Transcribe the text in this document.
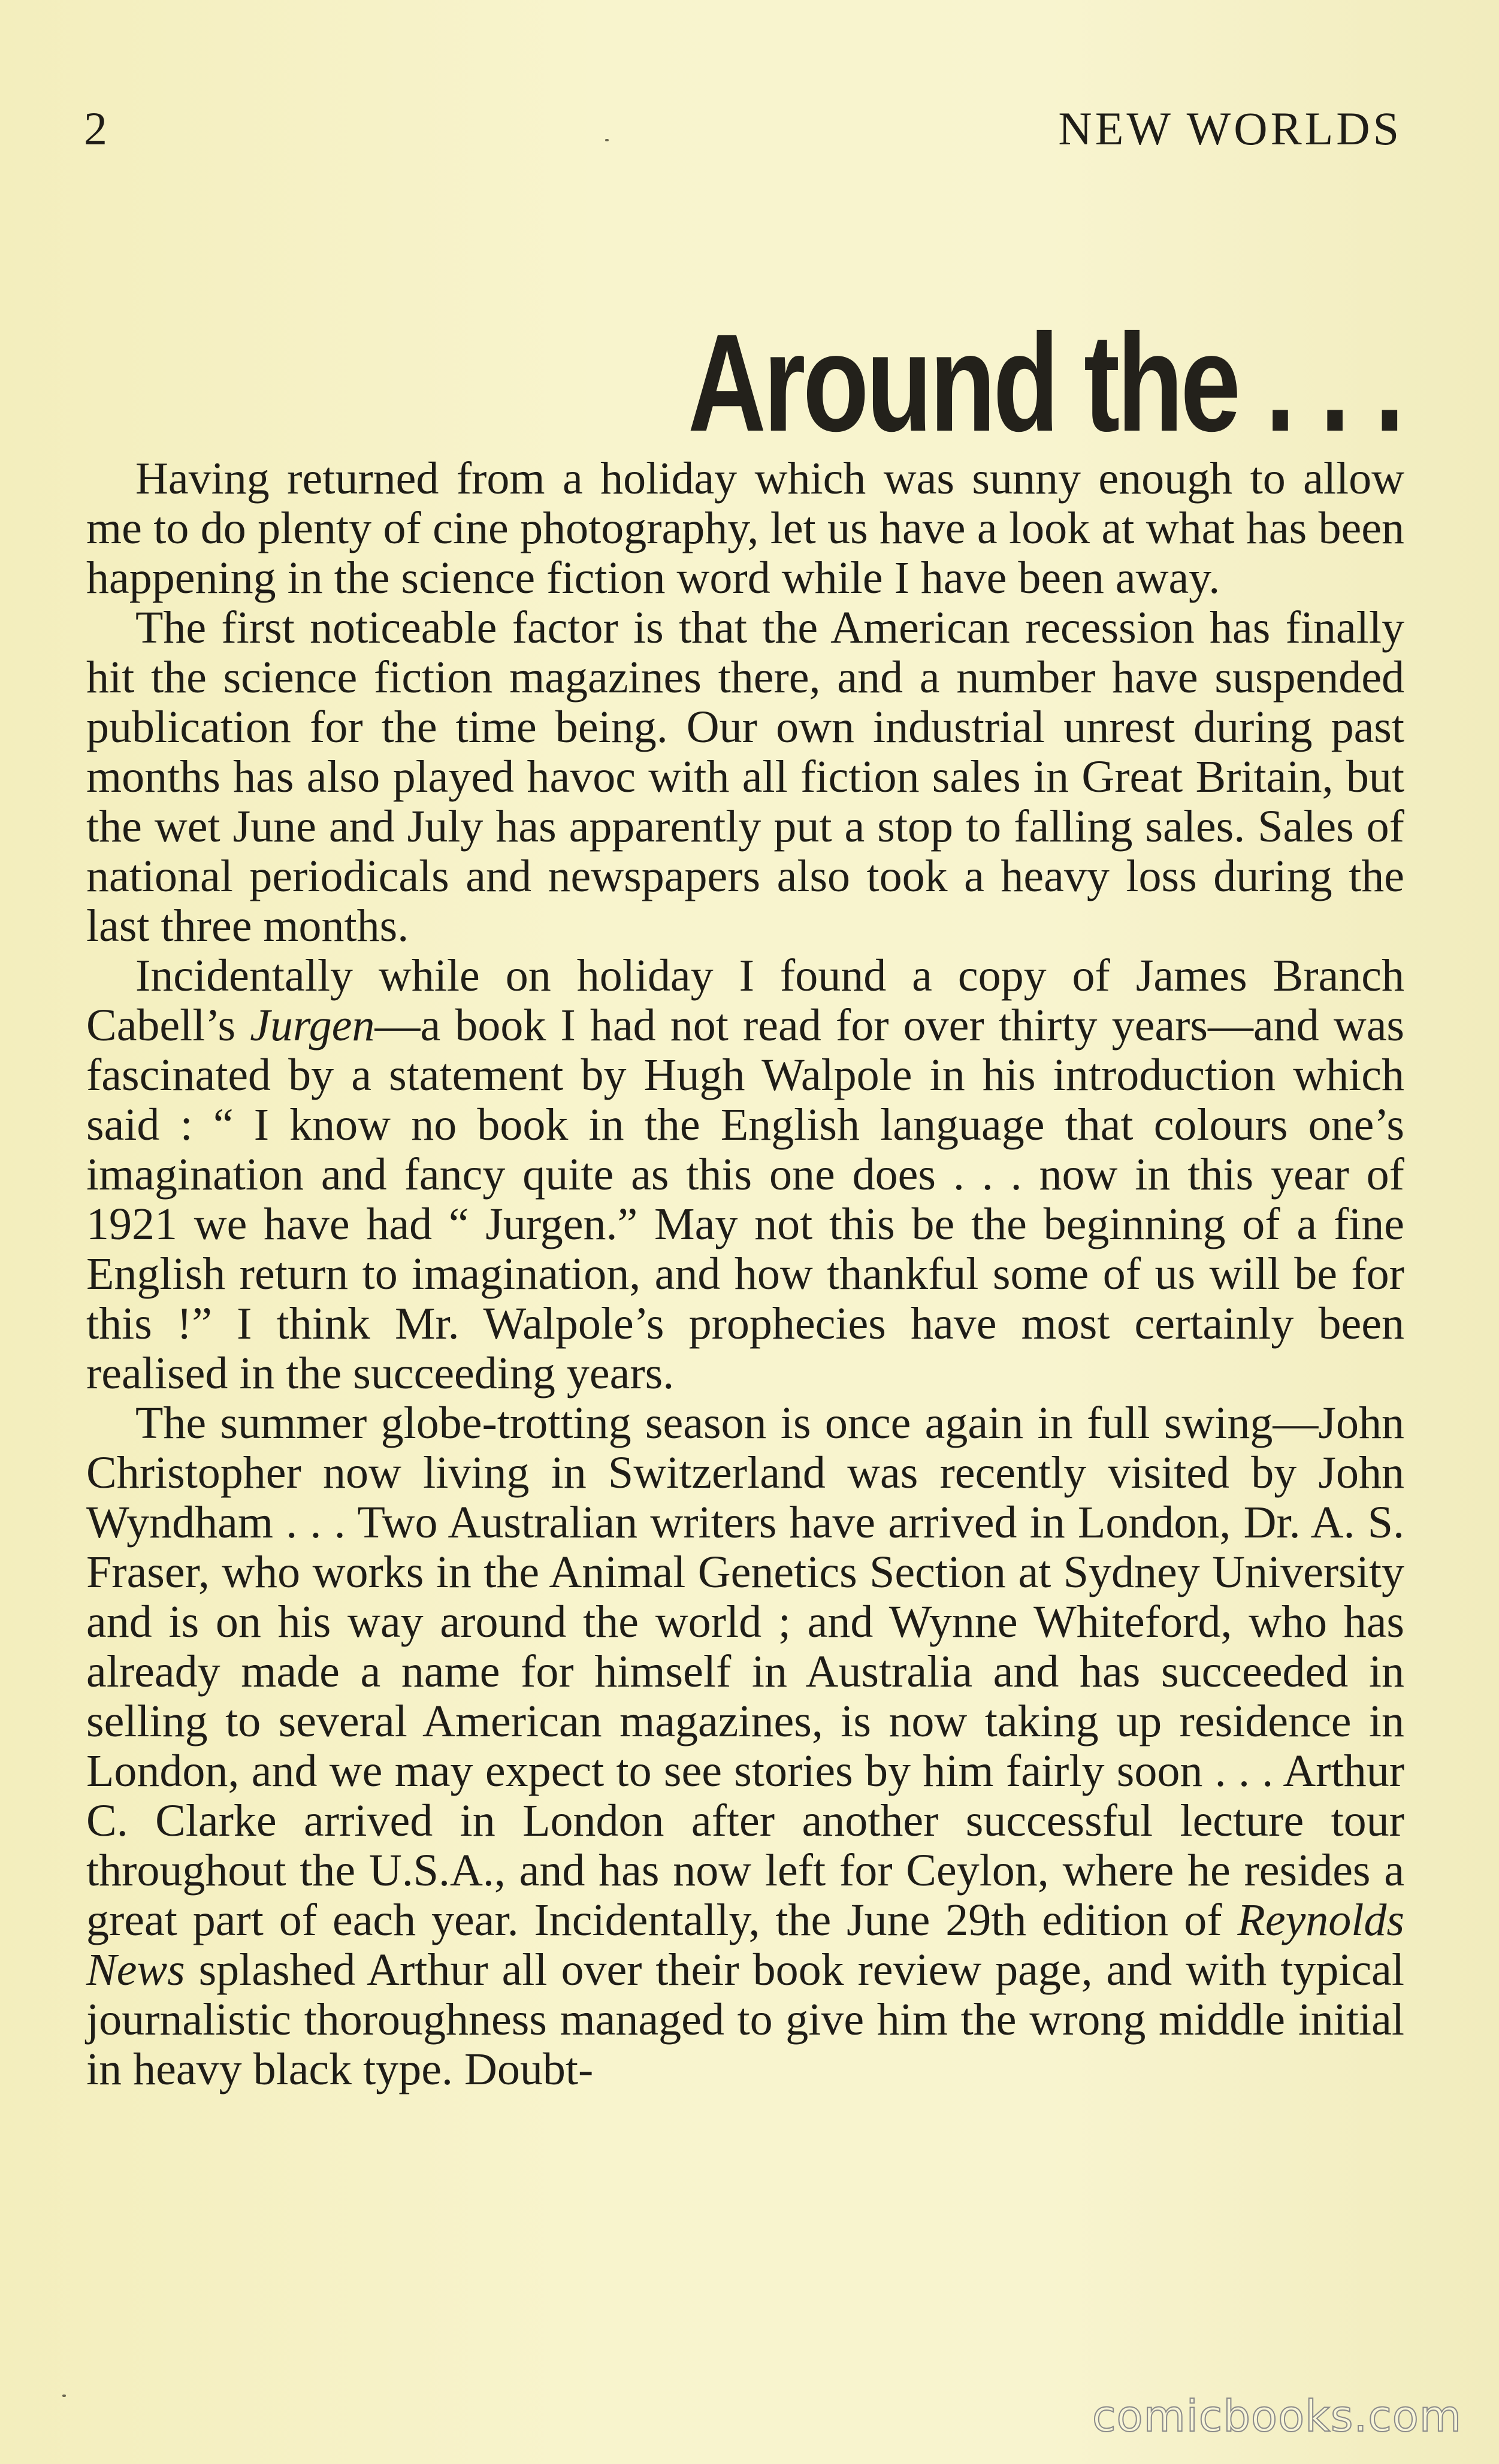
2	NEW WORLDS
Around the . . .

Having returned from a holiday which was sunny enough to allow me to do plenty of cine photography, let us have a look at what has been happening in the science fiction word while I have been away.

The first noticeable factor is that the American recession has finally hit the science fiction magazines there, and a number have suspended publication for the time being. Our own industrial unrest during past months has also played havoc with all fiction sales in Great Britain, but the wet June and July has apparently put a stop to falling sales. Sales of national periodicals and newspapers also took a heavy loss during the last three months.

Incidentally while on holiday I found a copy of James Branch Cabell’s Jurgen—a book I had not read for over thirty years—and was fascinated by a statement by Hugh Walpole in his introduction which said : “ I know no book in the English language that colours one’s imagination and fancy quite as this one does . . . now in this year of 1921 we have had “ Jurgen.” May not this be the beginning of a fine English return to imagination, and how thankful some of us will be for this !” I think Mr. Walpole’s prophecies have most certainly been realised in the succeeding years.

The summer globe-trotting season is once again in full swing—John Christopher now living in Switzerland was recently visited by John Wyndham . . . Two Australian writers have arrived in London, Dr. A. S. Fraser, who works in the Animal Genetics Section at Sydney University and is on his way around the world ; and Wynne Whiteford, who has already made a name for himself in Australia and has succeeded in selling to several American magazines, is now taking up residence in London, and we may expect to see stories by him fairly soon . . . Arthur C. Clarke arrived in London after another successful lecture tour throughout the U.S.A., and has now left for Ceylon, where he resides a great part of each year. Incidentally, the June 29th edition of Reynolds News splashed Arthur all over their book review page, and with typical journalistic thoroughness managed to give him the wrong middle initial in heavy black type. Doubt-

comicbooks.com
